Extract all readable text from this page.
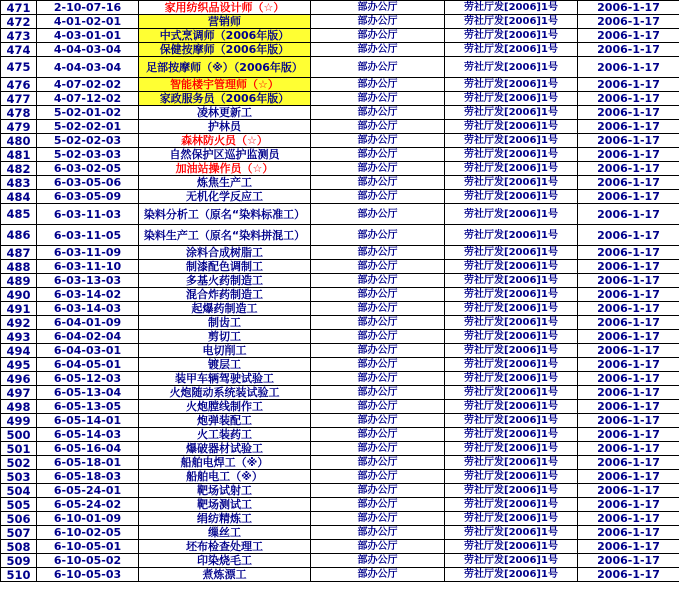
471	2-10-07-16	家用纺织品设计师（☆）	部办公厅	劳社厅发[2006]1号	2006-1-17
472	4-01-02-01	营销师	部办公厅	劳社厅发[2006]1号	2006-1-17
473	4-03-01-01	中式烹调师（2006年版）	部办公厅	劳社厅发[2006]1号	2006-1-17
474	4-04-03-04	保健按摩师（2006年版）	部办公厅	劳社厅发[2006]1号	2006-1-17
475	4-04-03-04	足部按摩师（※）（2006年版）	部办公厅	劳社厅发[2006]1号	2006-1-17
476	4-07-02-02	智能楼宇管理师（☆）	部办公厅	劳社厅发[2006]1号	2006-1-17
477	4-07-12-02	家政服务员（2006年版）	部办公厅	劳社厅发[2006]1号	2006-1-17
478	5-02-01-02	凌林更新工	部办公厅	劳社厅发[2006]1号	2006-1-17
479	5-02-02-01	护林员	部办公厅	劳社厅发[2006]1号	2006-1-17
480	5-02-02-03	森林防火员（☆）	部办公厅	劳社厅发[2006]1号	2006-1-17
481	5-02-03-03	自然保护区巡护监测员	部办公厅	劳社厅发[2006]1号	2006-1-17
482	6-03-02-05	加油站操作员（☆）	部办公厅	劳社厅发[2006]1号	2006-1-17
483	6-03-05-06	炼焦生产工	部办公厅	劳社厅发[2006]1号	2006-1-17
484	6-03-05-09	无机化学反应工	部办公厅	劳社厅发[2006]1号	2006-1-17
485	6-03-11-03	染料分析工（原名“染料标准工）	部办公厅	劳社厅发[2006]1号	2006-1-17
486	6-03-11-05	染料生产工（原名“染料拼混工）	部办公厅	劳社厅发[2006]1号	2006-1-17
487	6-03-11-09	涂料合成树脂工	部办公厅	劳社厅发[2006]1号	2006-1-17
488	6-03-11-10	制漆配色调制工	部办公厅	劳社厅发[2006]1号	2006-1-17
489	6-03-13-03	多基火药制造工	部办公厅	劳社厅发[2006]1号	2006-1-17
490	6-03-14-02	混合炸药制造工	部办公厅	劳社厅发[2006]1号	2006-1-17
491	6-03-14-03	起爆药制造工	部办公厅	劳社厅发[2006]1号	2006-1-17
492	6-04-01-09	制齿工	部办公厅	劳社厅发[2006]1号	2006-1-17
493	6-04-02-04	剪切工	部办公厅	劳社厅发[2006]1号	2006-1-17
494	6-04-03-01	电切削工	部办公厅	劳社厅发[2006]1号	2006-1-17
495	6-04-05-01	镀层工	部办公厅	劳社厅发[2006]1号	2006-1-17
496	6-05-12-03	装甲车辆驾驶试验工	部办公厅	劳社厅发[2006]1号	2006-1-17
497	6-05-13-04	火炮随动系统装试验工	部办公厅	劳社厅发[2006]1号	2006-1-17
498	6-05-13-05	火炮膛线制作工	部办公厅	劳社厅发[2006]1号	2006-1-17
499	6-05-14-01	炮弹装配工	部办公厅	劳社厅发[2006]1号	2006-1-17
500	6-05-14-03	火工装药工	部办公厅	劳社厅发[2006]1号	2006-1-17
501	6-05-16-04	爆破器材试验工	部办公厅	劳社厅发[2006]1号	2006-1-17
502	6-05-18-01	船舶电焊工（※）	部办公厅	劳社厅发[2006]1号	2006-1-17
503	6-05-18-03	船舶电工（※）	部办公厅	劳社厅发[2006]1号	2006-1-17
504	6-05-24-01	靶场试射工	部办公厅	劳社厅发[2006]1号	2006-1-17
505	6-05-24-02	靶场测试工	部办公厅	劳社厅发[2006]1号	2006-1-17
506	6-10-01-09	绢纺精炼工	部办公厅	劳社厅发[2006]1号	2006-1-17
507	6-10-02-05	缫丝工	部办公厅	劳社厅发[2006]1号	2006-1-17
508	6-10-05-01	坯布检查处理工	部办公厅	劳社厅发[2006]1号	2006-1-17
509	6-10-05-02	印染烧毛工	部办公厅	劳社厅发[2006]1号	2006-1-17
510	6-10-05-03	煮炼漂工	部办公厅	劳社厅发[2006]1号	2006-1-17
